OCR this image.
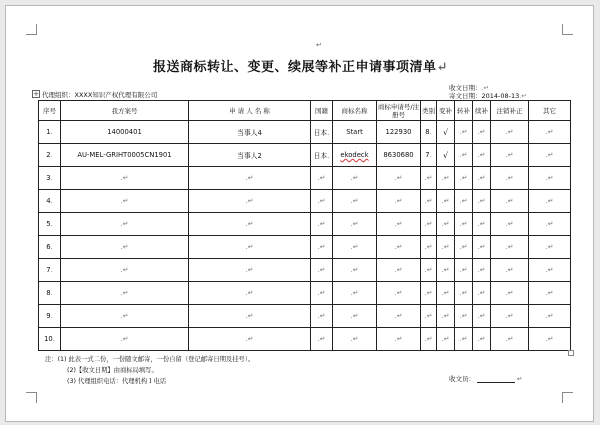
↵
报送商标转让、变更、续展等补正申请事项清单↵
+ 代理组织：XXXX知识产权代理有限公司
收文日期：.↵
寄文日期：2014-08-13.↵
序号	我方案号	申 请 人 名 称	国籍	商标名称	商标申请号/注册号	类别	变补	转补	续补	注销补正	其它
1.	14000401	当事人4	日本.	Start	122930	8.	√	.↵	.↵	.↵	.↵
2.	AU-MEL-GRIHT0005CN1901	当事人2	日本.	ekodeck	8630680	7.	√	.↵	.↵	.↵	.↵
3.	.↵	.↵	.↵	.↵	.↵	.↵	.↵	.↵	.↵	.↵	.↵
4.	.↵	.↵	.↵	.↵	.↵	.↵	.↵	.↵	.↵	.↵	.↵
5.	.↵	.↵	.↵	.↵	.↵	.↵	.↵	.↵	.↵	.↵	.↵
6.	.↵	.↵	.↵	.↵	.↵	.↵	.↵	.↵	.↵	.↵	.↵
7.	.↵	.↵	.↵	.↵	.↵	.↵	.↵	.↵	.↵	.↵	.↵
8.	.↵	.↵	.↵	.↵	.↵	.↵	.↵	.↵	.↵	.↵	.↵
9.	.↵	.↵	.↵	.↵	.↵	.↵	.↵	.↵	.↵	.↵	.↵
10.	.↵	.↵	.↵	.↵	.↵	.↵	.↵	.↵	.↵	.↵	.↵
注：(1) 此表一式二份，一份随文邮寄，一份自留（登记邮寄日期及挂号）。
(2)【收文日期】由商标局填写。
(3) 代理组织电话：代理机构１电话	收文员：	↵
